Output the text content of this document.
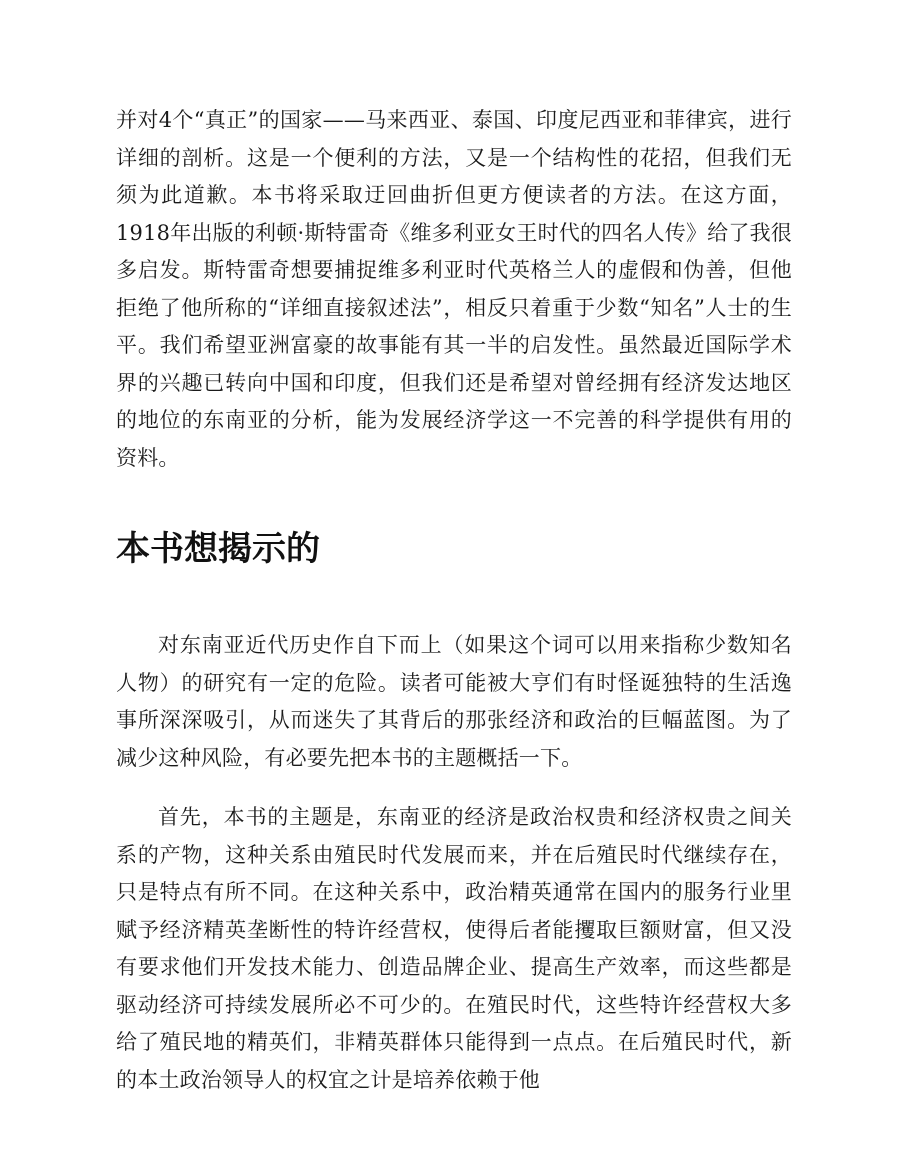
并对4个“真正”的国家——马来西亚、泰国、印度尼西亚和菲律宾，进行详细的剖析。这是一个便利的方法，又是一个结构性的花招，但我们无须为此道歉。本书将采取迂回曲折但更方便读者的方法。在这方面，1918年出版的利顿·斯特雷奇《维多利亚女王时代的四名人传》给了我很多启发。斯特雷奇想要捕捉维多利亚时代英格兰人的虚假和伪善，但他拒绝了他所称的“详细直接叙述法”，相反只着重于少数“知名”人士的生平。我们希望亚洲富豪的故事能有其一半的启发性。虽然最近国际学术界的兴趣已转向中国和印度，但我们还是希望对曾经拥有经济发达地区的地位的东南亚的分析，能为发展经济学这一不完善的科学提供有用的资料。

本书想揭示的

对东南亚近代历史作自下而上（如果这个词可以用来指称少数知名人物）的研究有一定的危险。读者可能被大亨们有时怪诞独特的生活逸事所深深吸引，从而迷失了其背后的那张经济和政治的巨幅蓝图。为了减少这种风险，有必要先把本书的主题概括一下。

首先，本书的主题是，东南亚的经济是政治权贵和经济权贵之间关系的产物，这种关系由殖民时代发展而来，并在后殖民时代继续存在，只是特点有所不同。在这种关系中，政治精英通常在国内的服务行业里赋予经济精英垄断性的特许经营权，使得后者能攫取巨额财富，但又没有要求他们开发技术能力、创造品牌企业、提高生产效率，而这些都是驱动经济可持续发展所必不可少的。在殖民时代，这些特许经营权大多给了殖民地的精英们，非精英群体只能得到一点点。在后殖民时代，新的本土政治领导人的权宜之计是培养依赖于他
